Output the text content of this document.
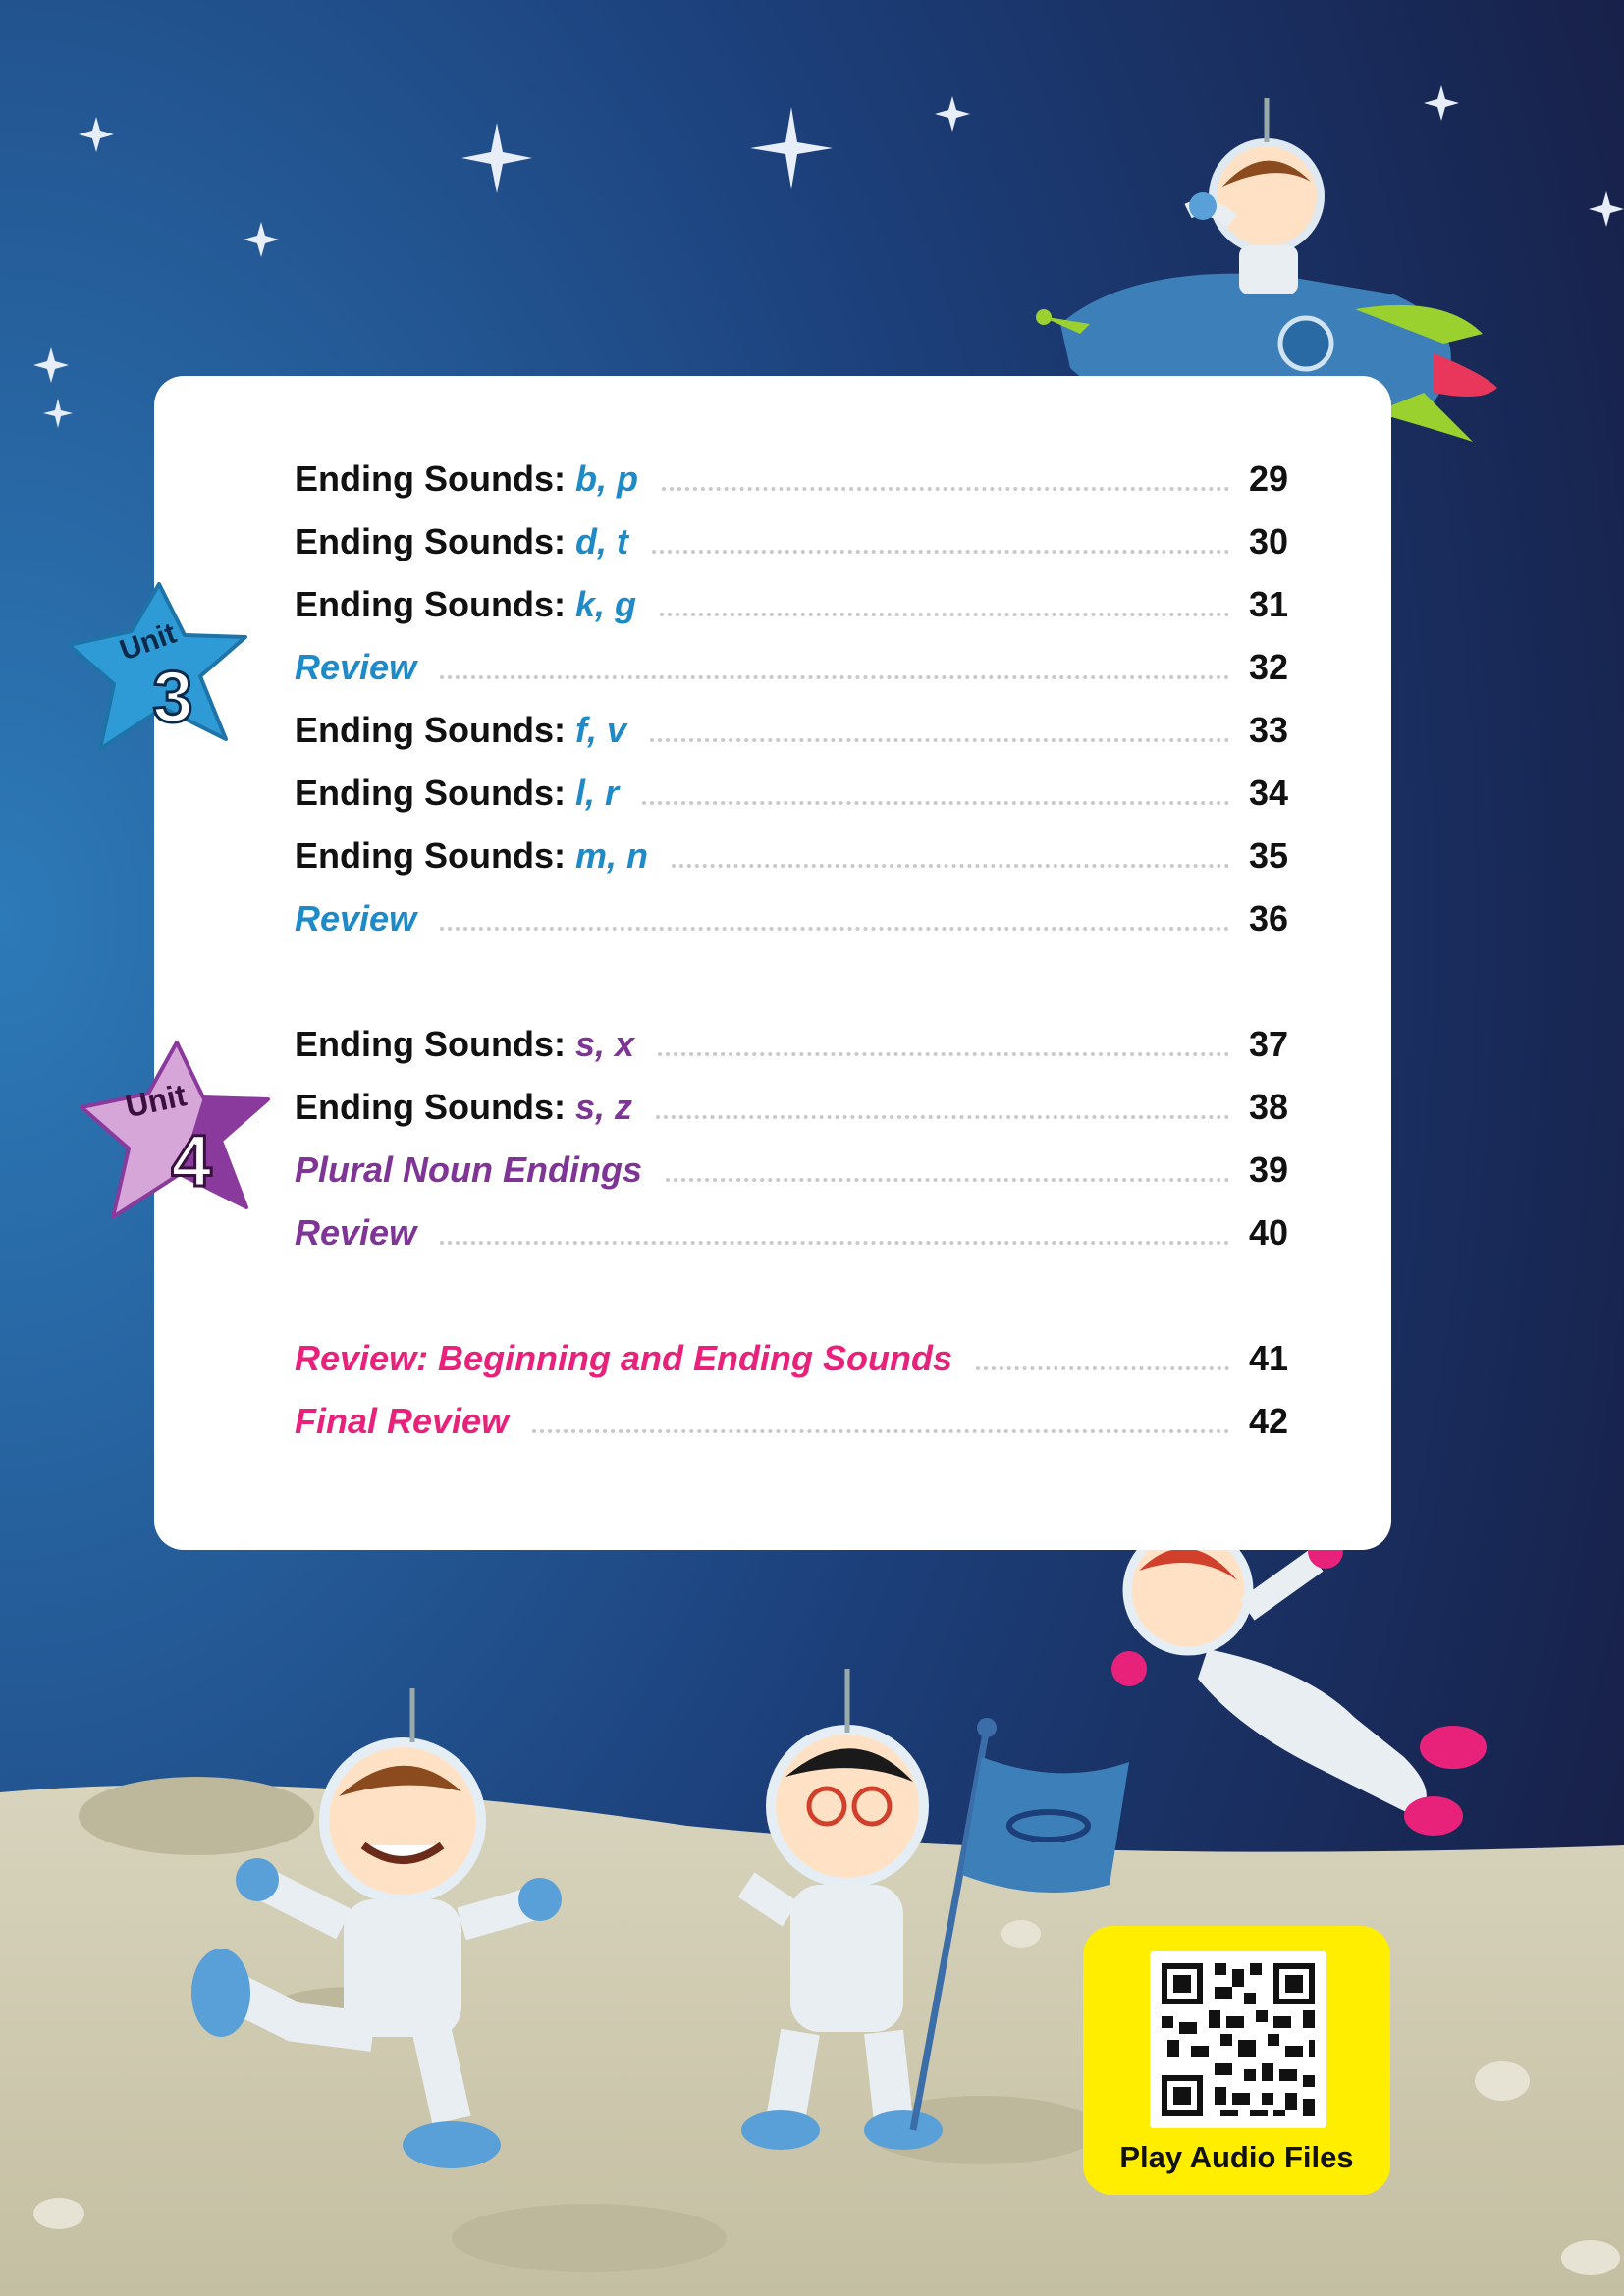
Unit
3
Unit
4
Ending Sounds: b, p	29
Ending Sounds: d, t	30
Ending Sounds: k, g	31
Review	32
Ending Sounds: f, v	33
Ending Sounds: l, r	34
Ending Sounds: m, n	35
Review	36
Ending Sounds: s, x	37
Ending Sounds: s, z	38
Plural Noun Endings	39
Review	40
Review: Beginning and Ending Sounds	41
Final Review	42
Play Audio Files
